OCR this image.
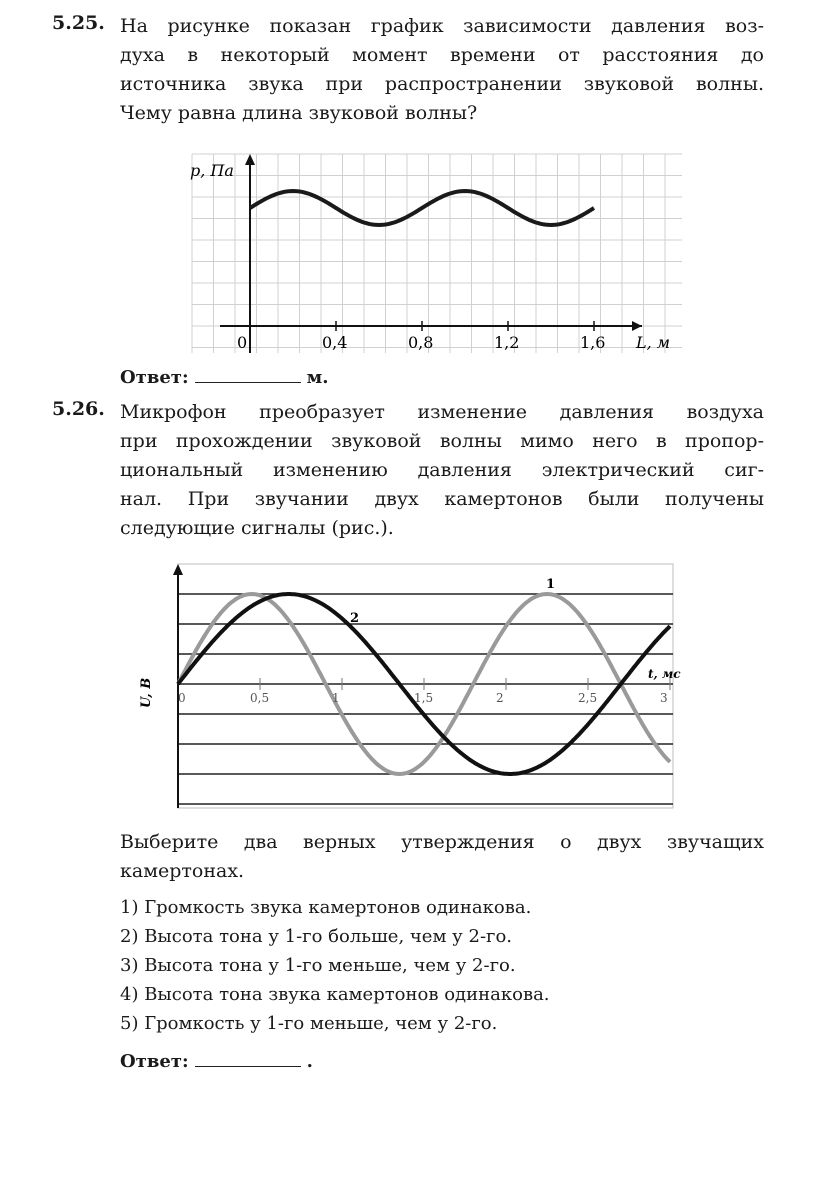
5.25. На рисунке показан график зависимости давления воз-
духа в некоторый момент времени от расстояния до
источника звука при распространении звуковой волны.
Чему равна длина звуковой волны?
p, Па
L, м
0	0,4	0,8	1,2	1,6
Ответ:	м.
5.26. Микрофон преобразует изменение давления воздуха
при прохождении звуковой волны мимо него в пропор-
циональный изменению давления электрический сиг-
нал. При звучании двух камертонов были получены
следующие сигналы (рис.).
1
2
U, В
t, мс
0	0,5	1	1,5	2	2,5	3
Выберите два верных утверждения о двух звучащих
камертонах.
1) Громкость звука камертонов одинакова.
2) Высота тона у 1-го больше, чем у 2-го.
3) Высота тона у 1-го меньше, чем у 2-го.
4) Высота тона звука камертонов одинакова.
5) Громкость у 1-го меньше, чем у 2-го.
Ответ:	.
